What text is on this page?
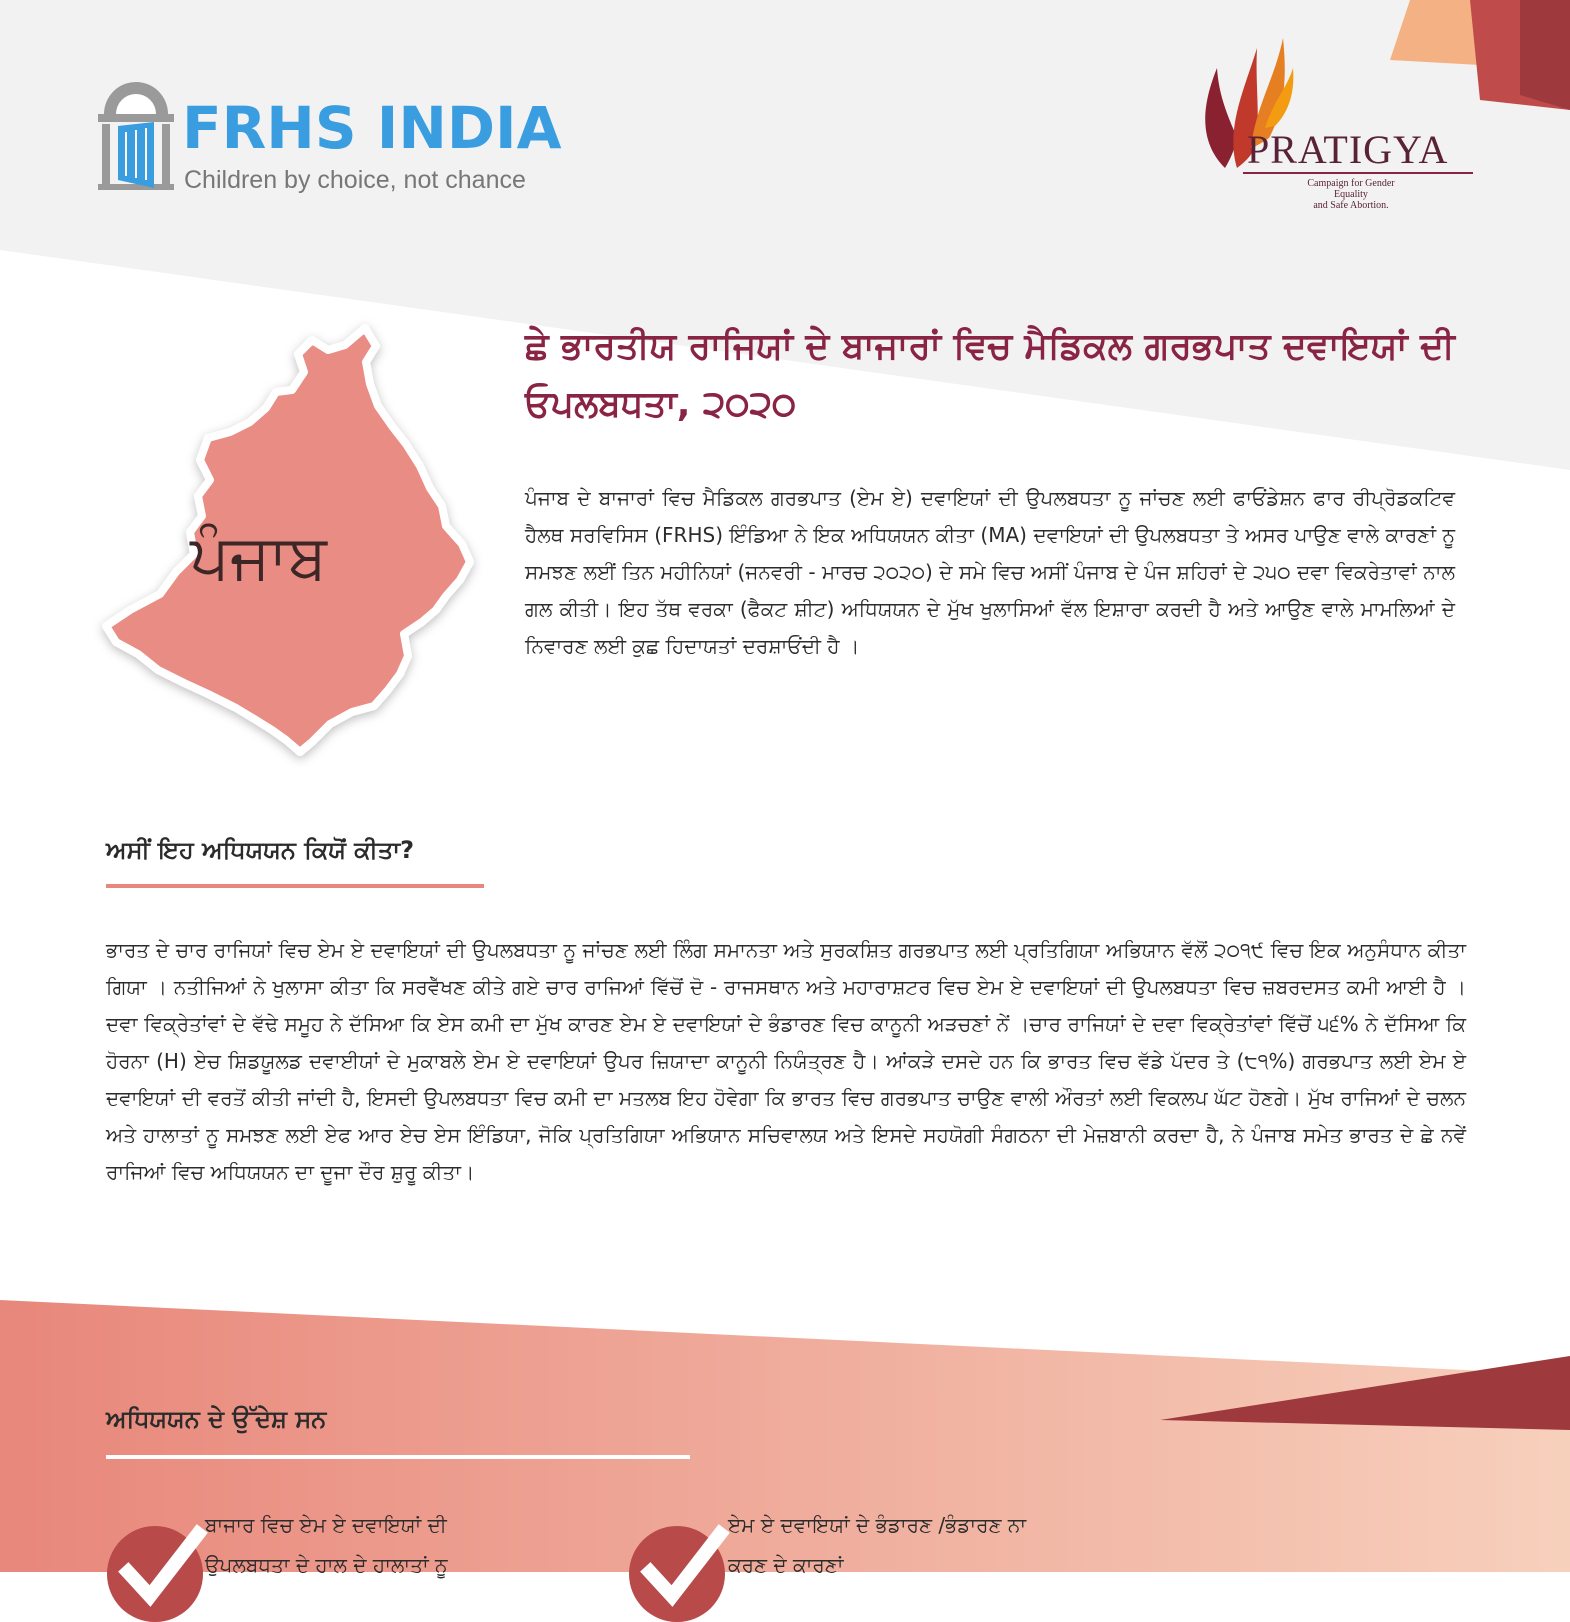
FRHS INDIA
Children by choice, not chance
PRATIGYA
Campaign for Gender Equality
and Safe Abortion.
ਪੰਜਾਬ
ਛੇ ਭਾਰਤੀਯ ਰਾਜਿਯਾਂ ਦੇ ਬਾਜਾਰਾਂ ਵਿਚ ਮੈਡਿਕਲ ਗਰਭਪਾਤ ਦਵਾਇਯਾਂ ਦੀ ਓਪਲਬਧਤਾ, ੨੦੨੦
ਪੰਜਾਬ ਦੇ ਬਾਜਾਰਾਂ ਵਿਚ ਮੈਡਿਕਲ ਗਰਭਪਾਤ (ਏਮ ਏ) ਦਵਾਇਯਾਂ ਦੀ ਉਪਲਬਧਤਾ ਨੂ ਜਾਂਚਣ ਲਈ ਫਾਓਂਡੇਸ਼ਨ ਫਾਰ ਰੀਪ੍ਰੋਡਕਟਿਵ ਹੈਲਥ ਸਰਵਿਸਿਸ (FRHS) ਇੰਡਿਆ ਨੇ ਇਕ ਅਧਿਯਯਨ ਕੀਤਾ (MA) ਦਵਾਇਯਾਂ ਦੀ ਉਪਲਬਧਤਾ ਤੇ ਅਸਰ ਪਾਉਣ ਵਾਲੇ ਕਾਰਣਾਂ ਨੂ ਸਮਝਣ ਲਈਂ ਤਿਨ ਮਹੀਨਿਯਾਂ (ਜਨਵਰੀ - ਮਾਰਚ ੨੦੨੦) ਦੇ ਸਮੇ ਵਿਚ ਅਸੀਂ ਪੰਜਾਬ ਦੇ ਪੰਜ ਸ਼ਹਿਰਾਂ ਦੇ ੨੫੦ ਦਵਾ ਵਿਕਰੇਤਾਵਾਂ ਨਾਲ ਗਲ ਕੀਤੀ। ਇਹ ਤੱਥ ਵਰਕਾ (ਫੈਕਟ ਸ਼ੀਟ) ਅਧਿਯਯਨ ਦੇ ਮੁੱਖ ਖੁਲਾਸਿਆਂ ਵੱਲ ਇਸ਼ਾਰਾ ਕਰਦੀ ਹੈ ਅਤੇ ਆਉਣ ਵਾਲੇ ਮਾਮਲਿਆਂ ਦੇ ਨਿਵਾਰਣ ਲਈ ਕੁਛ ਹਿਦਾਯਤਾਂ ਦਰਸ਼ਾਓਂਦੀ ਹੈ ।
ਅਸੀਂ ਇਹ ਅਧਿਯਯਨ ਕਿਯੋਂ ਕੀਤਾ?
ਭਾਰਤ ਦੇ ਚਾਰ ਰਾਜਿਯਾਂ ਵਿਚ ਏਮ ਏ ਦਵਾਇਯਾਂ ਦੀ ਉਪਲਬਧਤਾ ਨੂ ਜਾਂਚਣ ਲਈ ਲਿੰਗ ਸਮਾਨਤਾ ਅਤੇ ਸੁਰਕਸ਼ਿਤ ਗਰਭਪਾਤ ਲਈ ਪ੍ਰਤਿਗਿਯਾ ਅਭਿਯਾਨ ਵੱਲੋਂ ੨੦੧੯ ਵਿਚ ਇਕ ਅਨੁਸੰਧਾਨ ਕੀਤਾ ਗਿਯਾ । ਨਤੀਜਿਆਂ ਨੇ ਖੁਲਾਸਾ ਕੀਤਾ ਕਿ ਸਰਵੇੱਖਣ ਕੀਤੇ ਗਏ ਚਾਰ ਰਾਜਿਆਂ ਵਿੱਚੋਂ ਦੋ - ਰਾਜਸਥਾਨ ਅਤੇ ਮਹਾਰਾਸ਼ਟਰ ਵਿਚ ਏਮ ਏ ਦਵਾਇਯਾਂ ਦੀ ਉਪਲਬਧਤਾ ਵਿਚ ਜ਼ਬਰਦਸਤ ਕਮੀ ਆਈ ਹੈ । ਦਵਾ ਵਿਕ੍ਰੇਤਾਂਵਾਂ ਦੇ ਵੱਢੇ ਸਮੂਹ ਨੇ ਦੱਸਿਆ ਕਿ ਏਸ ਕਮੀ ਦਾ ਮੁੱਖ ਕਾਰਣ ਏਮ ਏ ਦਵਾਇਯਾਂ ਦੇ ਭੰਡਾਰਣ ਵਿਚ ਕਾਨੂਨੀ ਅੜਚਣਾਂ ਨੇਂ ।ਚਾਰ ਰਾਜਿਯਾਂ ਦੇ ਦਵਾ ਵਿਕ੍ਰੇਤਾਂਵਾਂ ਵਿੱਚੋਂ ੫੬% ਨੇ ਦੱਸਿਆ ਕਿ ਹੋਰਨਾ (H) ਏਚ ਸ਼ਿਡਯੂਲਡ ਦਵਾਈਯਾਂ ਦੇ ਮੁਕਾਬਲੇ ਏਮ ਏ ਦਵਾਇਯਾਂ ਉਪਰ ਜ਼ਿਯਾਦਾ ਕਾਨੂਨੀ ਨਿਯੰਤ੍ਰਣ ਹੈ। ਆਂਕੜੇ ਦਸਦੇ ਹਨ ਕਿ ਭਾਰਤ ਵਿਚ ਵੱਡੇ ਪੱਦਰ ਤੇ (੮੧%) ਗਰਭਪਾਤ ਲਈ ਏਮ ਏ ਦਵਾਇਯਾਂ ਦੀ ਵਰਤੋਂ ਕੀਤੀ ਜਾਂਦੀ ਹੈ, ਇਸਦੀ ਉਪਲਬਧਤਾ ਵਿਚ ਕਮੀ ਦਾ ਮਤਲਬ ਇਹ ਹੋਵੇਗਾ ਕਿ ਭਾਰਤ ਵਿਚ ਗਰਭਪਾਤ ਚਾਉਣ ਵਾਲੀ ਔਰਤਾਂ ਲਈ ਵਿਕਲਪ ਘੱਟ ਹੋਣਗੇ। ਮੁੱਖ ਰਾਜਿਆਂ ਦੇ ਚਲਨ ਅਤੇ ਹਾਲਾਤਾਂ ਨੂ ਸਮਝਣ ਲਈ ਏਫ ਆਰ ਏਚ ਏਸ ਇੰਡਿਯਾ, ਜੋਕਿ ਪ੍ਰਤਿਗਿਯਾ ਅਭਿਯਾਨ ਸਚਿਵਾਲਯ ਅਤੇ ਇਸਦੇ ਸਹਯੋਗੀ ਸੰਗਠਨਾ ਦੀ ਮੇਜ਼ਬਾਨੀ ਕਰਦਾ ਹੈ, ਨੇ ਪੰਜਾਬ ਸਮੇਤ ਭਾਰਤ ਦੇ ਛੇ ਨਵੇਂ ਰਾਜਿਆਂ ਵਿਚ ਅਧਿਯਯਨ ਦਾ ਦੂਜਾ ਦੌਰ ਸ਼ੁਰੂ ਕੀਤਾ।
ਅਧਿਯਯਨ ਦੇ ਉੱਦੇਸ਼ ਸਨ
ਬਾਜਾਰ ਵਿਚ ਏਮ ਏ ਦਵਾਇਯਾਂ ਦੀ ਉਪਲਬਧਤਾ ਦੇ ਹਾਲ ਦੇ ਹਾਲਾਤਾਂ ਨੂ
ਏਮ ਏ ਦਵਾਇਯਾਂ ਦੇ ਭੰਡਾਰਣ /ਭੰਡਾਰਣ ਨਾ ਕਰਣ ਦੇ ਕਾਰਣਾਂ
